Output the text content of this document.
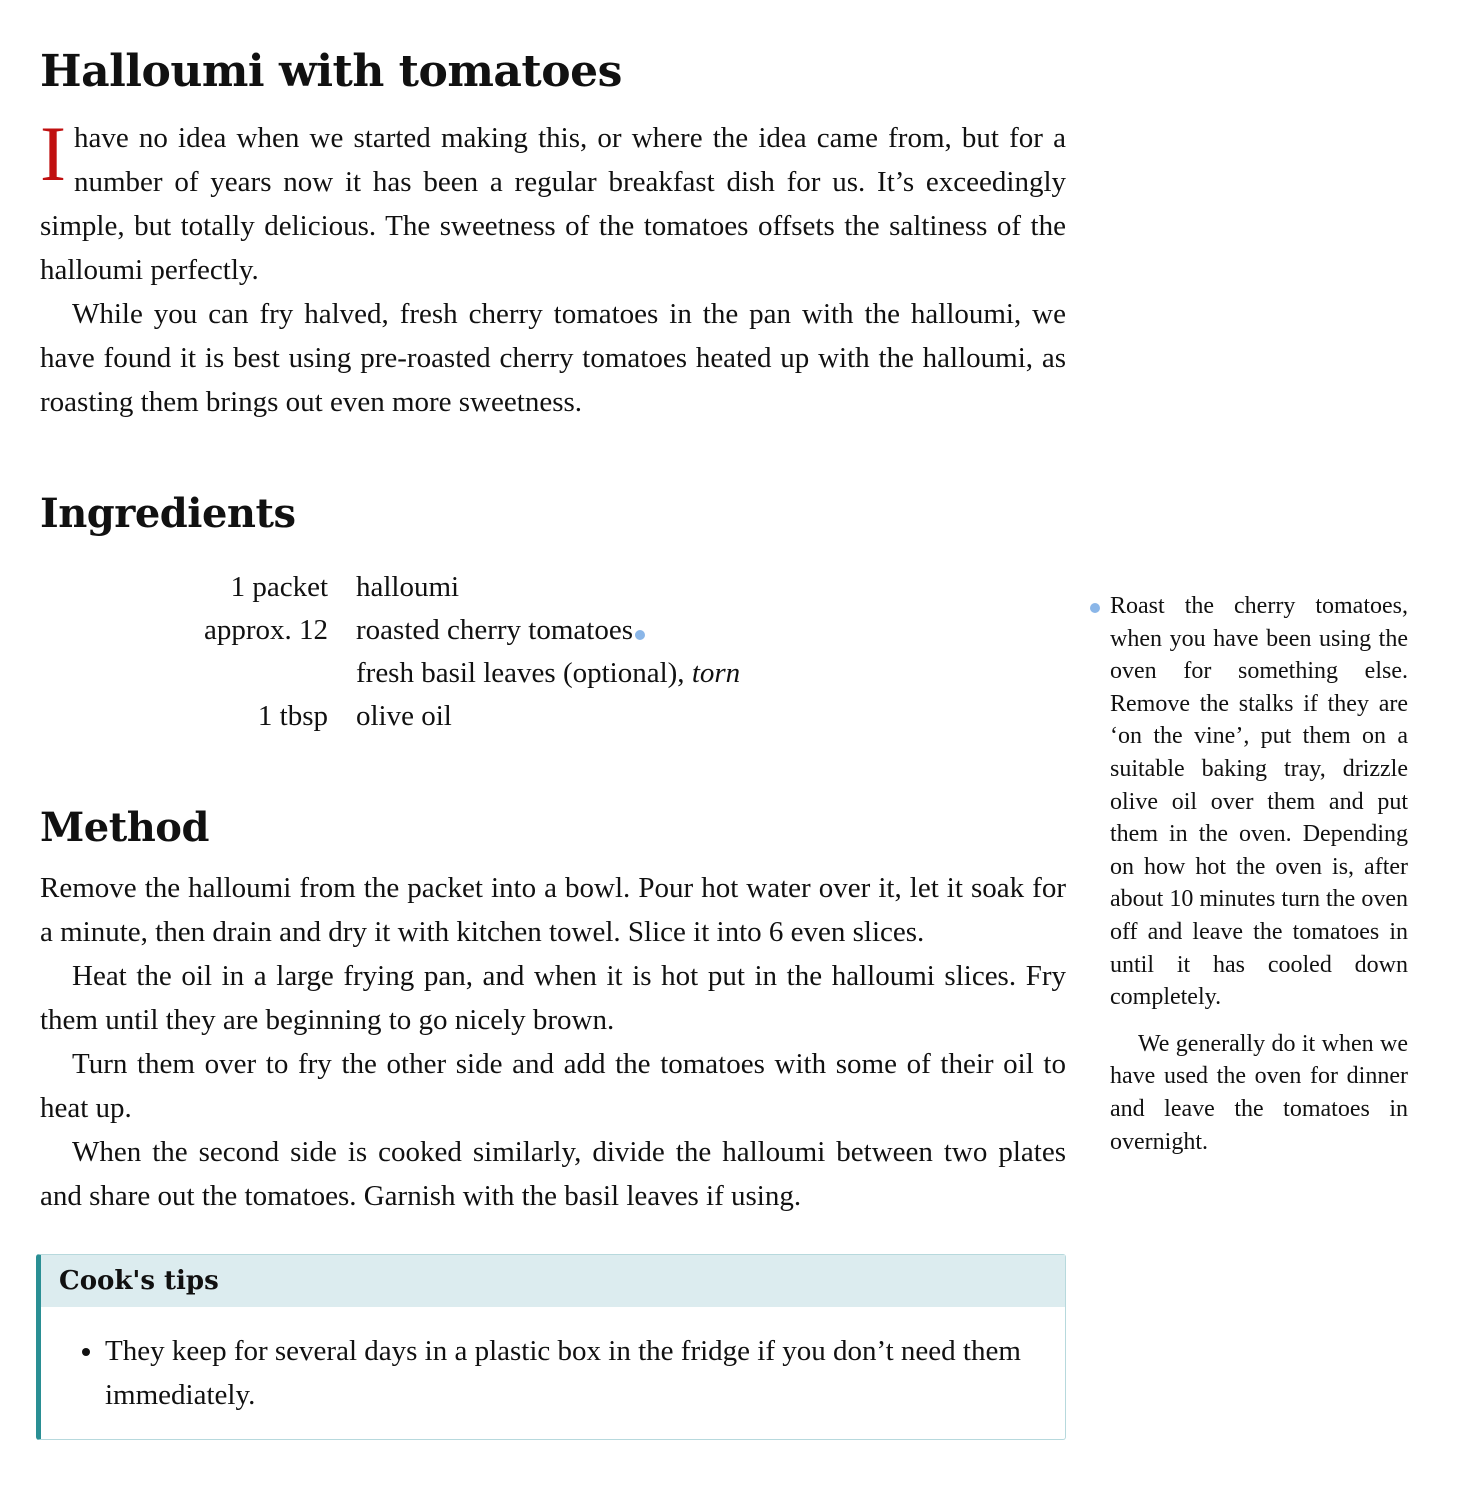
Halloumi with tomatoes

Ihave no idea when we started making this, or where the idea came from, but for a number of years now it has been a regular breakfast dish for us. It’s exceedingly simple, but totally delicious. The sweetness of the tomatoes offsets the saltiness of the halloumi perfectly.

While you can fry halved, fresh cherry tomatoes in the pan with the halloumi, we have found it is best using pre-roasted cherry tomatoes heated up with the halloumi, as roasting them brings out even more sweetness.

Ingredients
1 packet halloumi
approx. 12 roasted cherry tomatoes
fresh basil leaves (optional), torn
1 tbsp olive oil
Method

Remove the halloumi from the packet into a bowl. Pour hot water over it, let it soak for a minute, then drain and dry it with kitchen towel. Slice it into 6 even slices.

Heat the oil in a large frying pan, and when it is hot put in the halloumi slices. Fry them until they are beginning to go nicely brown.

Turn them over to fry the other side and add the tomatoes with some of their oil to heat up.

When the second side is cooked similarly, divide the halloumi between two plates and share out the tomatoes. Garnish with the basil leaves if using.

Cook's tips
• They keep for several days in a plastic box in the fridge if you don’t need them immediately.

Roast the cherry tomatoes, when you have been using the oven for something else. Remove the stalks if they are ‘on the vine’, put them on a suitable baking tray, drizzle olive oil over them and put them in the oven. Depending on how hot the oven is, after about 10 minutes turn the oven off and leave the tomatoes in until it has cooled down completely.

We generally do it when we have used the oven for dinner and leave the tomatoes in overnight.
